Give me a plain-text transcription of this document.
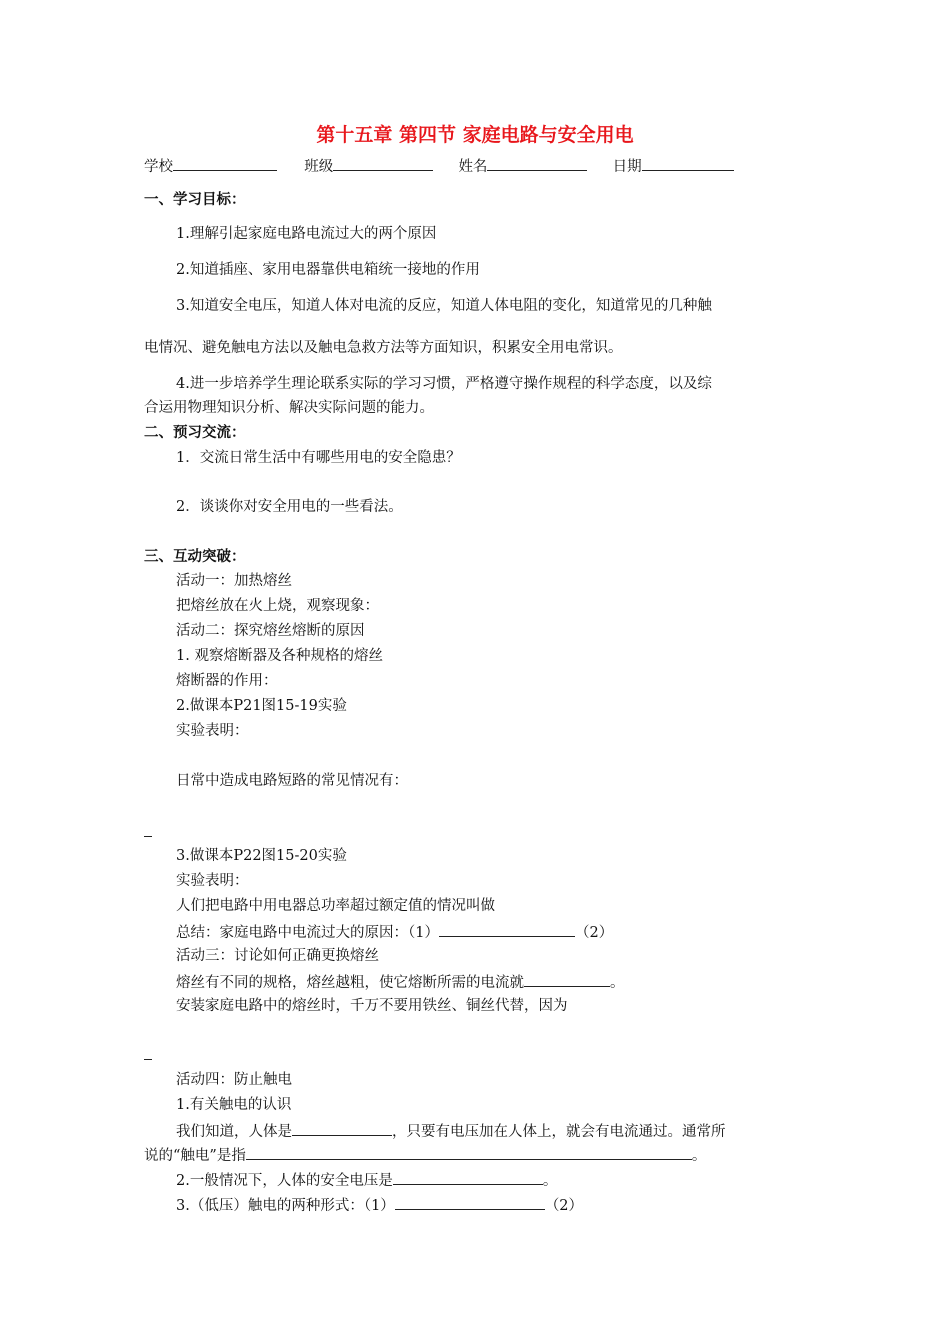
第十五章 第四节 家庭电路与安全用电
学校	班级	姓名	日期
一、学习目标：
1.理解引起家庭电路电流过大的两个原因
2.知道插座、家用电器靠供电箱统一接地的作用
3.知道安全电压，知道人体对电流的反应，知道人体电阻的变化，知道常见的几种触
电情况、避免触电方法以及触电急救方法等方面知识，积累安全用电常识。
4.进一步培养学生理论联系实际的学习习惯，严格遵守操作规程的科学态度，以及综
合运用物理知识分析、解决实际问题的能力。
二、预习交流：
1．交流日常生活中有哪些用电的安全隐患？
2．谈谈你对安全用电的一些看法。
三、互动突破：
活动一：加热熔丝
把熔丝放在火上烧，观察现象：
活动二：探究熔丝熔断的原因
1. 观察熔断器及各种规格的熔丝
熔断器的作用：
2.做课本P21图15-19实验
实验表明：
日常中造成电路短路的常见情况有：
3.做课本P22图15-20实验
实验表明：
人们把电路中用电器总功率超过额定值的情况叫做
总结：家庭电路中电流过大的原因：（1）	（2）
活动三：讨论如何正确更换熔丝
熔丝有不同的规格，熔丝越粗，使它熔断所需的电流就	。
安装家庭电路中的熔丝时，千万不要用铁丝、铜丝代替，因为
活动四：防止触电
1.有关触电的认识
我们知道，人体是	，只要有电压加在人体上，就会有电流通过。通常所
说的“触电”是指	。
2.一般情况下，人体的安全电压是	。
3.（低压）触电的两种形式：（1）	（2）
